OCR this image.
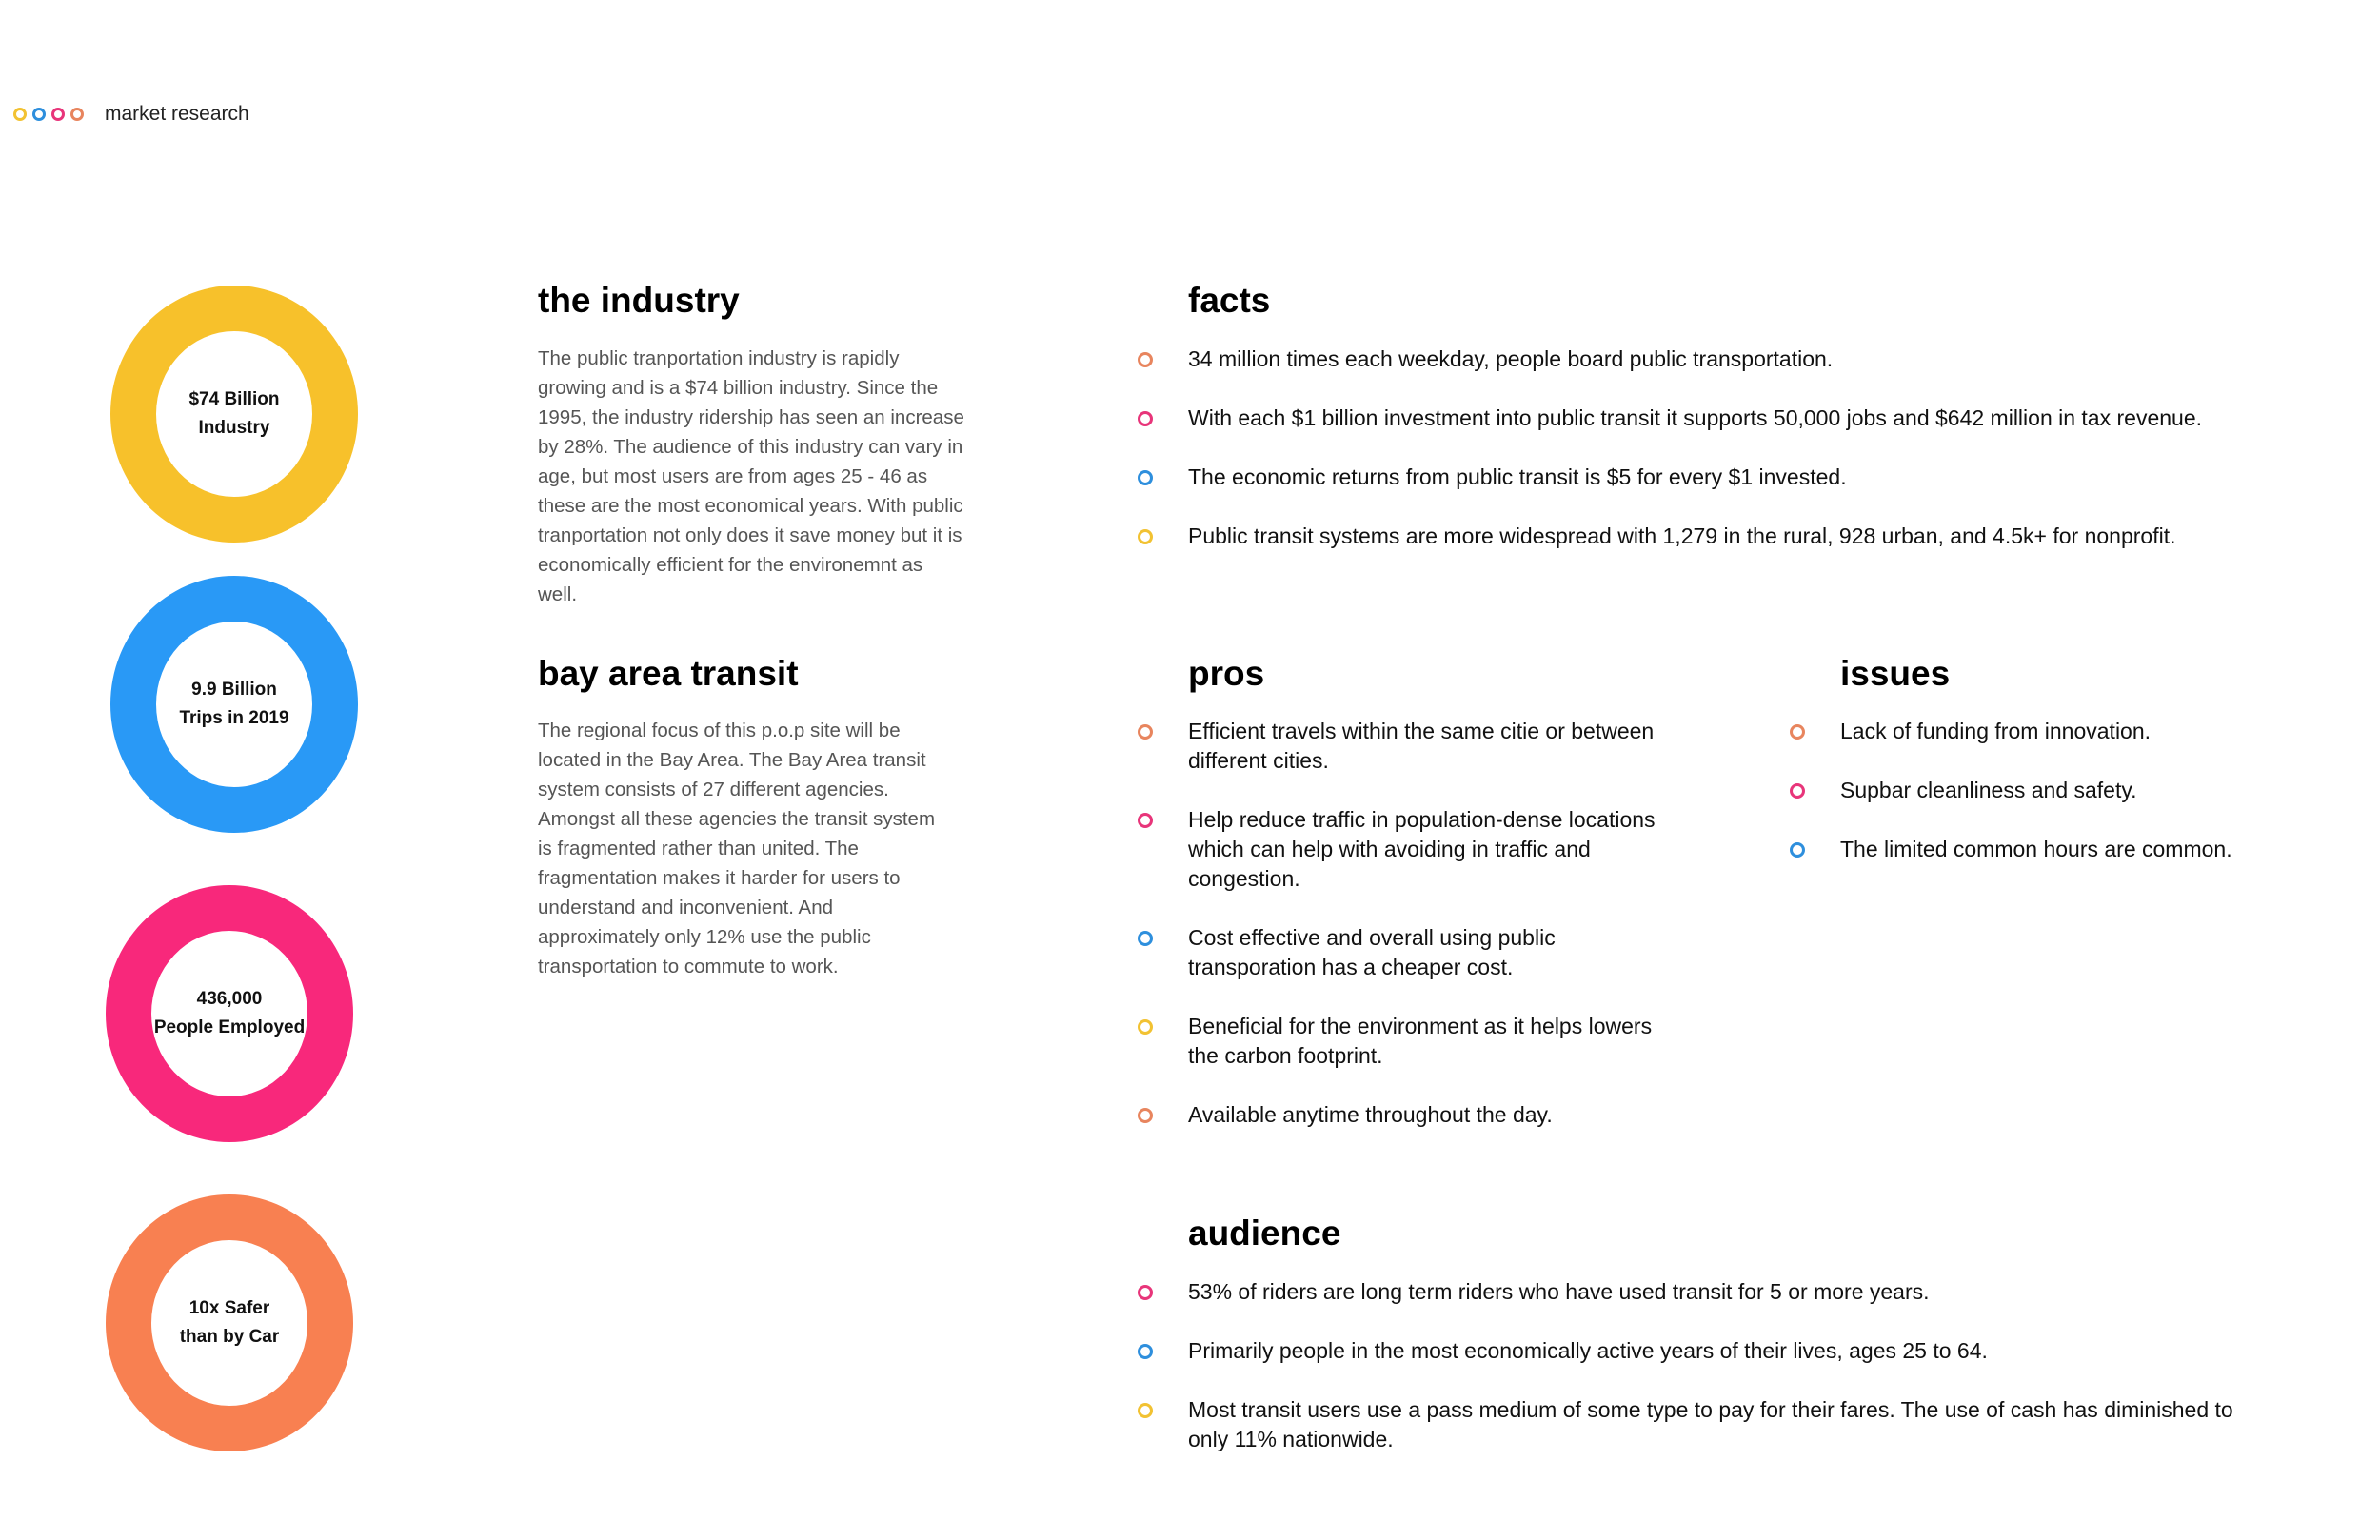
market research
$74 Billion
Industry
9.9 Billion
Trips in 2019
436,000
People Employed
10x Safer
than by Car
the industry

The public tranportation industry is rapidly growing and is a $74 billion industry. Since the 1995, the industry ridership has seen an increase by 28%. The audience of this industry can vary in age, but most users are from ages 25 - 46 as these are the most economical years. With public tranportation not only does it save money but it is economically efficient for the environemnt as well.

bay area transit

The regional focus of this p.o.p site will be located in the Bay Area. The Bay Area transit system consists of 27 different agencies. Amongst all these agencies the transit system is fragmented rather than united. The fragmentation makes it harder for users to understand and inconvenient. And approximately only 12% use the public transportation to commute to work.

facts
34 million times each weekday, people board public transportation.
With each $1 billion investment into public transit it supports 50,000 jobs and $642 million in tax revenue.
The economic returns from public transit is $5 for every $1 invested.
Public transit systems are more widespread with 1,279 in the rural, 928 urban, and 4.5k+ for nonprofit.
pros
Efficient travels within the same citie or between different cities.
Help reduce traffic in population-dense locations which can help with avoiding in traffic and congestion.
Cost effective and overall using public transporation has a cheaper cost.
Beneficial for the environment as it helps lowers the carbon footprint.
Available anytime throughout the day.
issues
Lack of funding from innovation.
Supbar cleanliness and safety.
The limited common hours are common.
audience
53% of riders are long term riders who have used transit for 5 or more years.
Primarily people in the most economically active years of their lives, ages 25 to 64.
Most transit users use a pass medium of some type to pay for their fares. The use of cash has diminished to only 11% nationwide.
